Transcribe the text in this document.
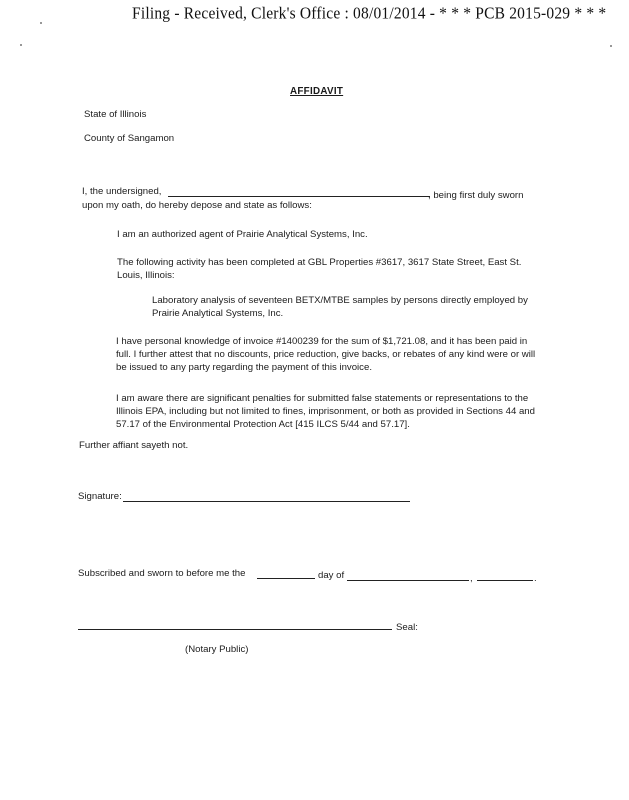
Filing - Received, Clerk's Office : 08/01/2014 - * * * PCB 2015-029 * * *
AFFIDAVIT
State of Illinois
County of Sangamon
I, the undersigned,	, being first duly sworn
upon my oath, do hereby depose and state as follows:
I am an authorized agent of Prairie Analytical Systems, Inc.
The following activity has been completed at GBL Properties #3617, 3617 State Street, East St. Louis, Illinois:
Laboratory analysis of seventeen BETX/MTBE samples by persons directly employed by Prairie Analytical Systems, Inc.
I have personal knowledge of invoice #1400239 for the sum of $1,721.08, and it has been paid in full. I further attest that no discounts, price reduction, give backs, or rebates of any kind were or will be issued to any party regarding the payment of this invoice.
I am aware there are significant penalties for submitted false statements or representations to the Illinois EPA, including but not limited to fines, imprisonment, or both as provided in Sections 44 and 57.17 of the Environmental Protection Act [415 ILCS 5/44 and 57.17].
Further affiant sayeth not.
Signature:
Subscribed and sworn to before me the	day of	,	.
Seal:
(Notary Public)
